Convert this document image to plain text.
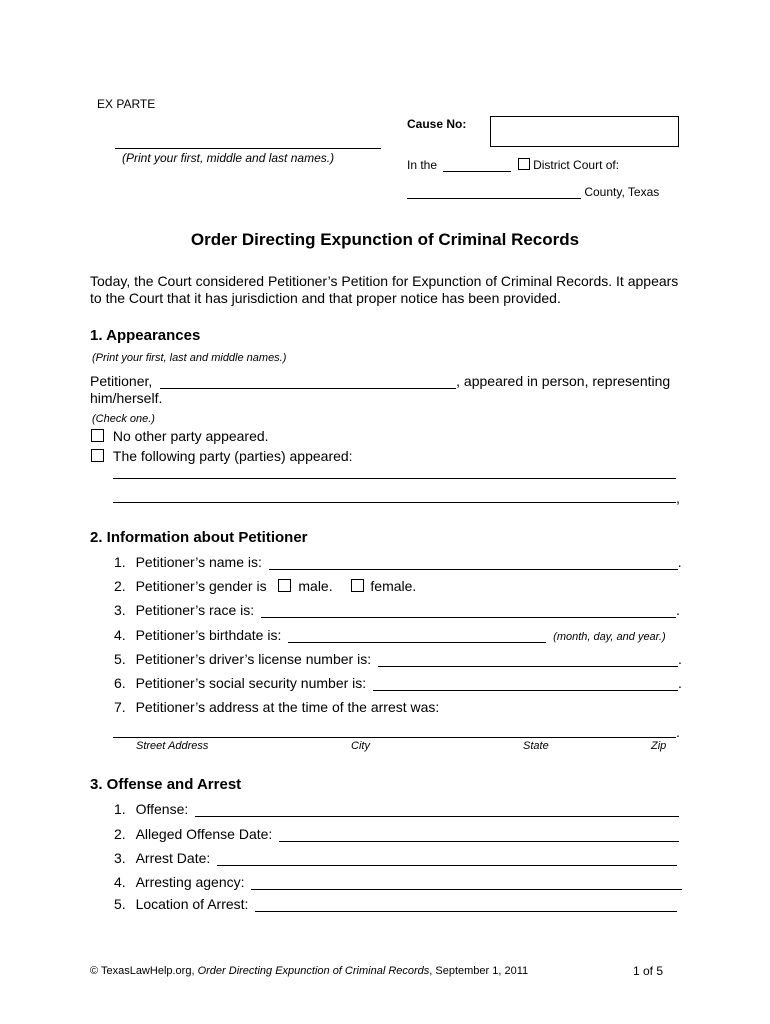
EX PARTE
(Print your first, middle and last names.)
Cause No:
In the	District Court of:
County, Texas
Order Directing Expunction of Criminal Records
Today, the Court considered Petitioner’s Petition for Expunction of Criminal Records. It appears to the Court that it has jurisdiction and that proper notice has been provided.
1. Appearances
(Print your first, last and middle names.)
Petitioner,	, appeared in person, representing
him/herself.
(Check one.)
No other party appeared.
The following party (parties) appeared:
,
2. Information about Petitioner
1. Petitioner’s name is:	.
2. Petitioner’s gender is male.	female.
3. Petitioner’s race is:	.
4. Petitioner’s birthdate is:	(month, day, and year.)
5. Petitioner’s driver’s license number is:	.
6. Petitioner’s social security number is:	.
7. Petitioner’s address at the time of the arrest was:
.
Street Address	City	State	Zip
3. Offense and Arrest
1. Offense:
2. Alleged Offense Date:
3. Arrest Date:
4. Arresting agency:
5. Location of Arrest:
© TexasLawHelp.org, Order Directing Expunction of Criminal Records, September 1, 2011	1 of 5
